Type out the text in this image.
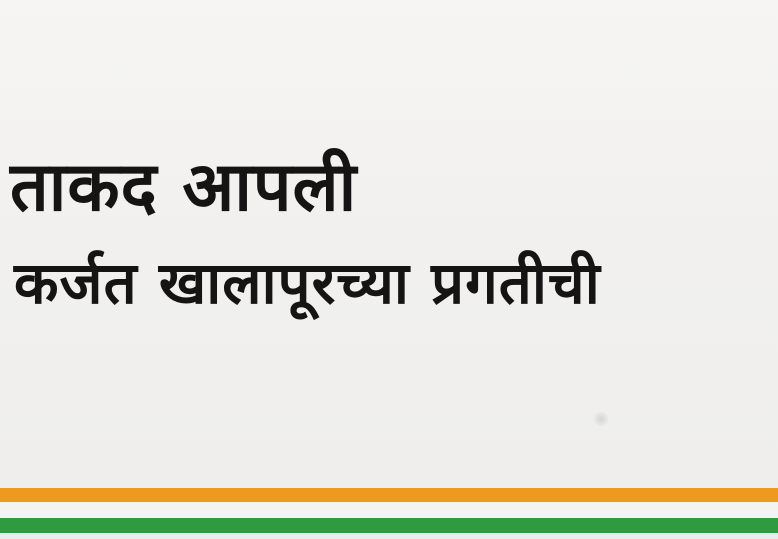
ताकद आपली
कर्जत खालापूरच्या प्रगतीची
